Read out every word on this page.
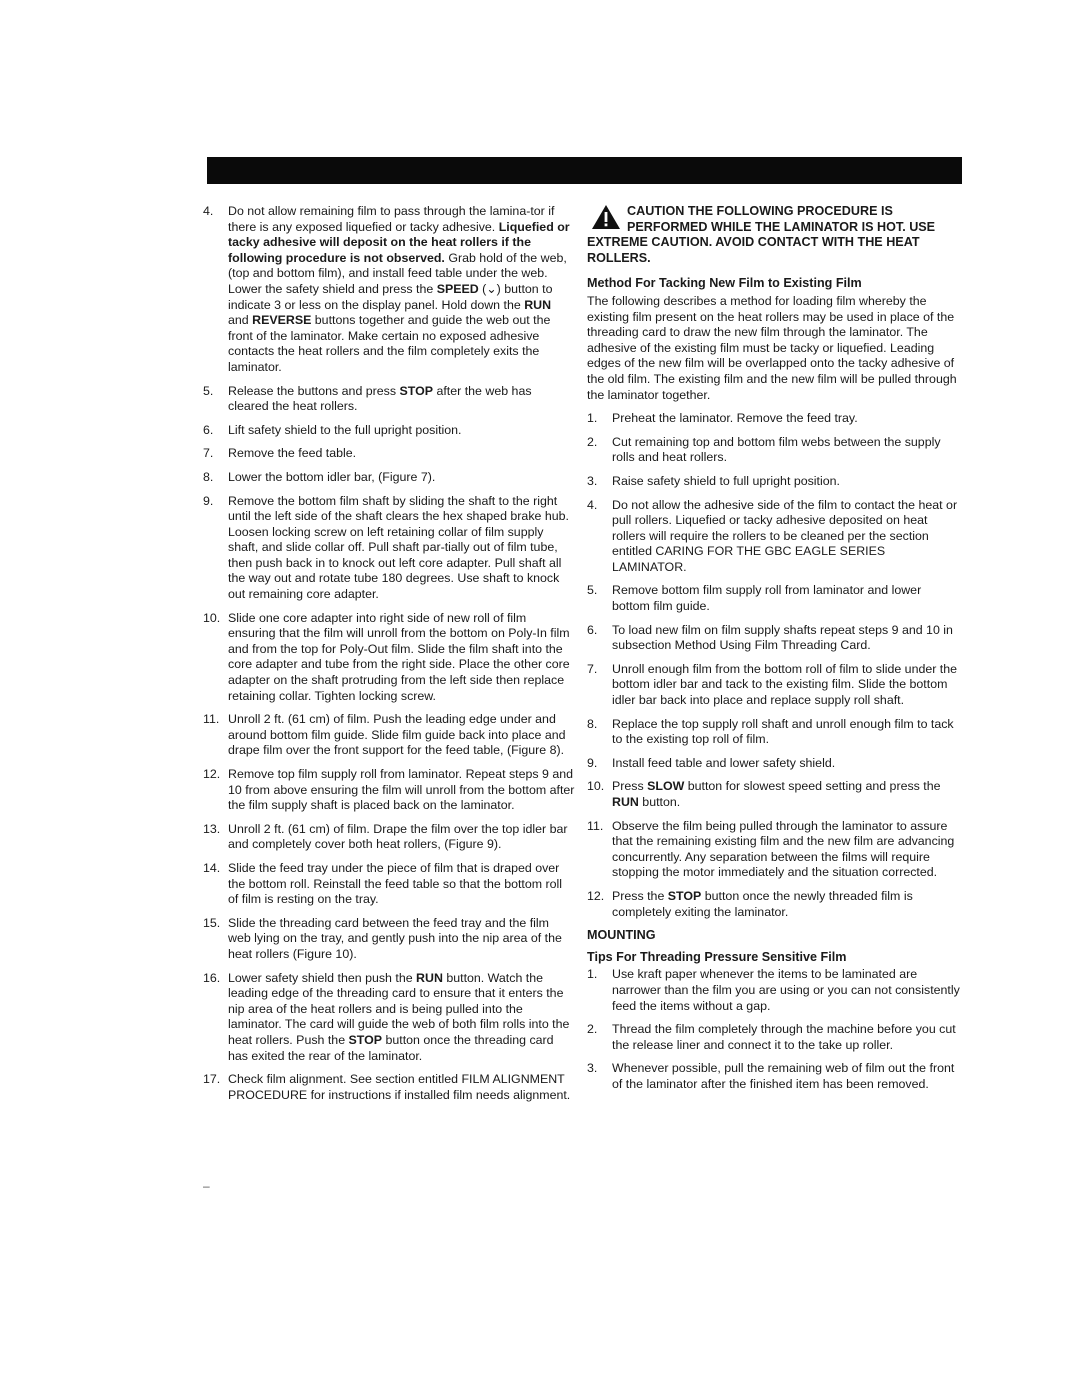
4.	Do not allow remaining film to pass through the lamina-tor if there is any exposed liquefied or tacky adhesive. Liquefied or tacky adhesive will deposit on the heat rollers if the following procedure is not observed. Grab hold of the web, (top and bottom film), and install feed table under the web. Lower the safety shield and press the SPEED (⌄) button to indicate 3 or less on the display panel. Hold down the RUN and REVERSE buttons together and guide the web out the front of the laminator. Make certain no exposed adhesive contacts the heat rollers and the film completely exits the laminator.
5.	Release the buttons and press STOP after the web has cleared the heat rollers.
6.	Lift safety shield to the full upright position.
7.	Remove the feed table.
8.	Lower the bottom idler bar, (Figure 7).
9.	Remove the bottom film shaft by sliding the shaft to the right until the left side of the shaft clears the hex shaped brake hub. Loosen locking screw on left retaining collar of film supply shaft, and slide collar off. Pull shaft par-tially out of film tube, then push back in to knock out left core adapter. Pull shaft all the way out and rotate tube 180 degrees. Use shaft to knock out remaining core adapter.
10. Slide one core adapter into right side of new roll of film ensuring that the film will unroll from the bottom on Poly-In film and from the top for Poly-Out film. Slide the film shaft into the core adapter and tube from the right side. Place the other core adapter on the shaft protruding from the left side then replace retaining collar. Tighten locking screw.
11. Unroll 2 ft. (61 cm) of film. Push the leading edge under and around bottom film guide. Slide film guide back into place and drape film over the front support for the feed table, (Figure 8).
12. Remove top film supply roll from laminator. Repeat steps 9 and 10 from above ensuring the film will unroll from the bottom after the film supply shaft is placed back on the laminator.
13. Unroll 2 ft. (61 cm) of film. Drape the film over the top idler bar and completely cover both heat rollers, (Figure 9).
14. Slide the feed tray under the piece of film that is draped over the bottom roll. Reinstall the feed table so that the bottom roll of film is resting on the tray.
15. Slide the threading card between the feed tray and the film web lying on the tray, and gently push into the nip area of the heat rollers (Figure 10).
16. Lower safety shield then push the RUN button. Watch the leading edge of the threading card to ensure that it enters the nip area of the heat rollers and is being pulled into the laminator. The card will guide the web of both film rolls into the heat rollers. Push the STOP button once the threading card has exited the rear of the laminator.
17. Check film alignment. See section entitled FILM ALIGNMENT PROCEDURE for instructions if installed film needs alignment.
CAUTION THE FOLLOWING PROCEDURE IS PERFORMED WHILE THE LAMINATOR IS HOT. USE EXTREME CAUTION. AVOID CONTACT WITH THE HEAT ROLLERS.
Method For Tacking New Film to Existing Film

The following describes a method for loading film whereby the existing film present on the heat rollers may be used in place of the threading card to draw the new film through the laminator. The adhesive of the existing film must be tacky or liquefied. Leading edges of the new film will be overlapped onto the tacky adhesive of the old film. The existing film and the new film will be pulled through the laminator together.

1.	Preheat the laminator. Remove the feed tray.
2.	Cut remaining top and bottom film webs between the supply rolls and heat rollers.
3.	Raise safety shield to full upright position.
4.	Do not allow the adhesive side of the film to contact the heat or pull rollers. Liquefied or tacky adhesive deposited on heat rollers will require the rollers to be cleaned per the section entitled CARING FOR THE GBC EAGLE SERIES LAMINATOR.
5.	Remove bottom film supply roll from laminator and lower bottom film guide.
6.	To load new film on film supply shafts repeat steps 9 and 10 in subsection Method Using Film Threading Card.
7.	Unroll enough film from the bottom roll of film to slide under the bottom idler bar and tack to the existing film. Slide the bottom idler bar back into place and replace supply roll shaft.
8.	Replace the top supply roll shaft and unroll enough film to tack to the existing top roll of film.
9.	Install feed table and lower safety shield.
10. Press SLOW button for slowest speed setting and press the RUN button.
11. Observe the film being pulled through the laminator to assure that the remaining existing film and the new film are advancing concurrently. Any separation between the films will require stopping the motor immediately and the situation corrected.
12. Press the STOP button once the newly threaded film is completely exiting the laminator.
MOUNTING
Tips For Threading Pressure Sensitive Film
1.	Use kraft paper whenever the items to be laminated are narrower than the film you are using or you can not consistently feed the items without a gap.
2.	Thread the film completely through the machine before you cut the release liner and connect it to the take up roller.
3.	Whenever possible, pull the remaining web of film out the front of the laminator after the finished item has been removed.
–
